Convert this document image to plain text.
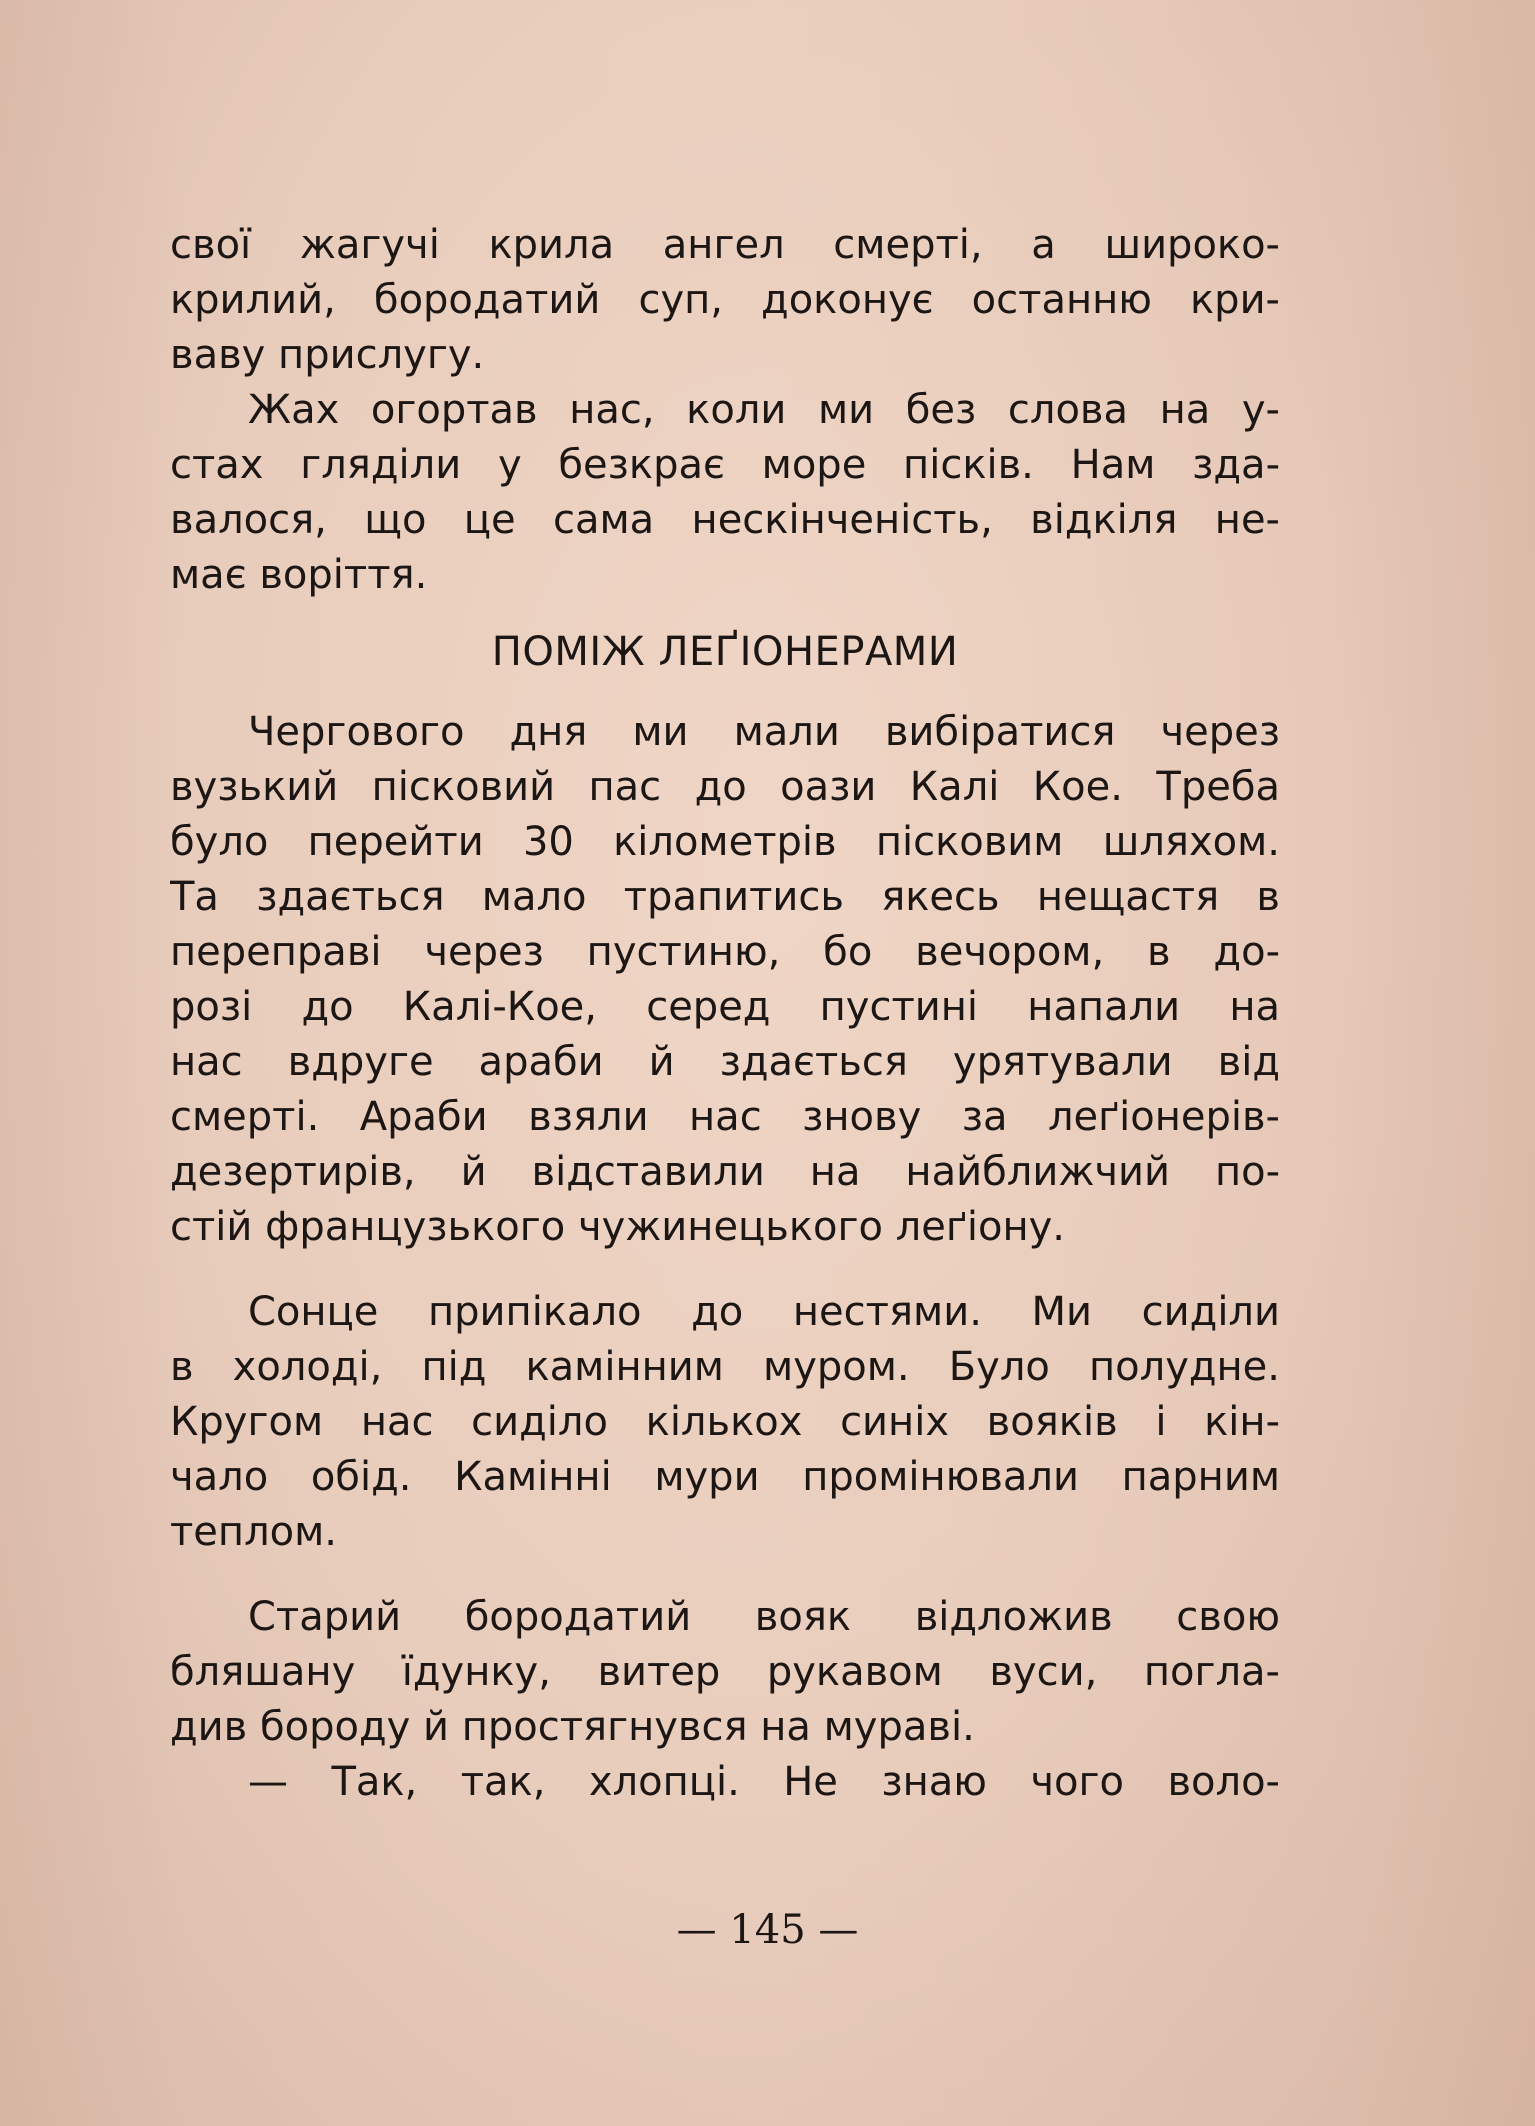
свої жагучі крила ангел смерті, а широко-
крилий, бородатий суп, доконує останню кри-
ваву прислугу.
Жах огортав нас, коли ми без слова на у-
стах гляділи у безкрає море пісків. Нам зда-
валося, що це сама нескінченість, відкіля не-
має воріття.
ПОМІЖ ЛЕҐІОНЕРАМИ
Чергового дня ми мали вибіратися через
вузький пісковий пас до оази Калі Кое. Треба
було перейти 30 кілометрів пісковим шляхом.
Та здається мало трапитись якесь нещастя в
переправі через пустиню, бо вечором, в до-
розі до Калі-Кое, серед пустині напали на
нас вдруге араби й здається урятували від
смерті. Араби взяли нас знову за леґіонерів-
дезертирів, й відставили на найближчий по-
стій французького чужинецького леґіону.
Сонце припікало до нестями. Ми сиділи
в холоді, під камінним муром. Було полудне.
Кругом нас сиділо кількох синіх вояків і кін-
чало обід. Камінні мури промінювали парним
теплом.
Старий бородатий вояк відложив свою
бляшану їдунку, витер рукавом вуси, погла-
див бороду й простягнувся на мураві.
— Так, так, хлопці. Не знаю чого воло-
— 145 —
